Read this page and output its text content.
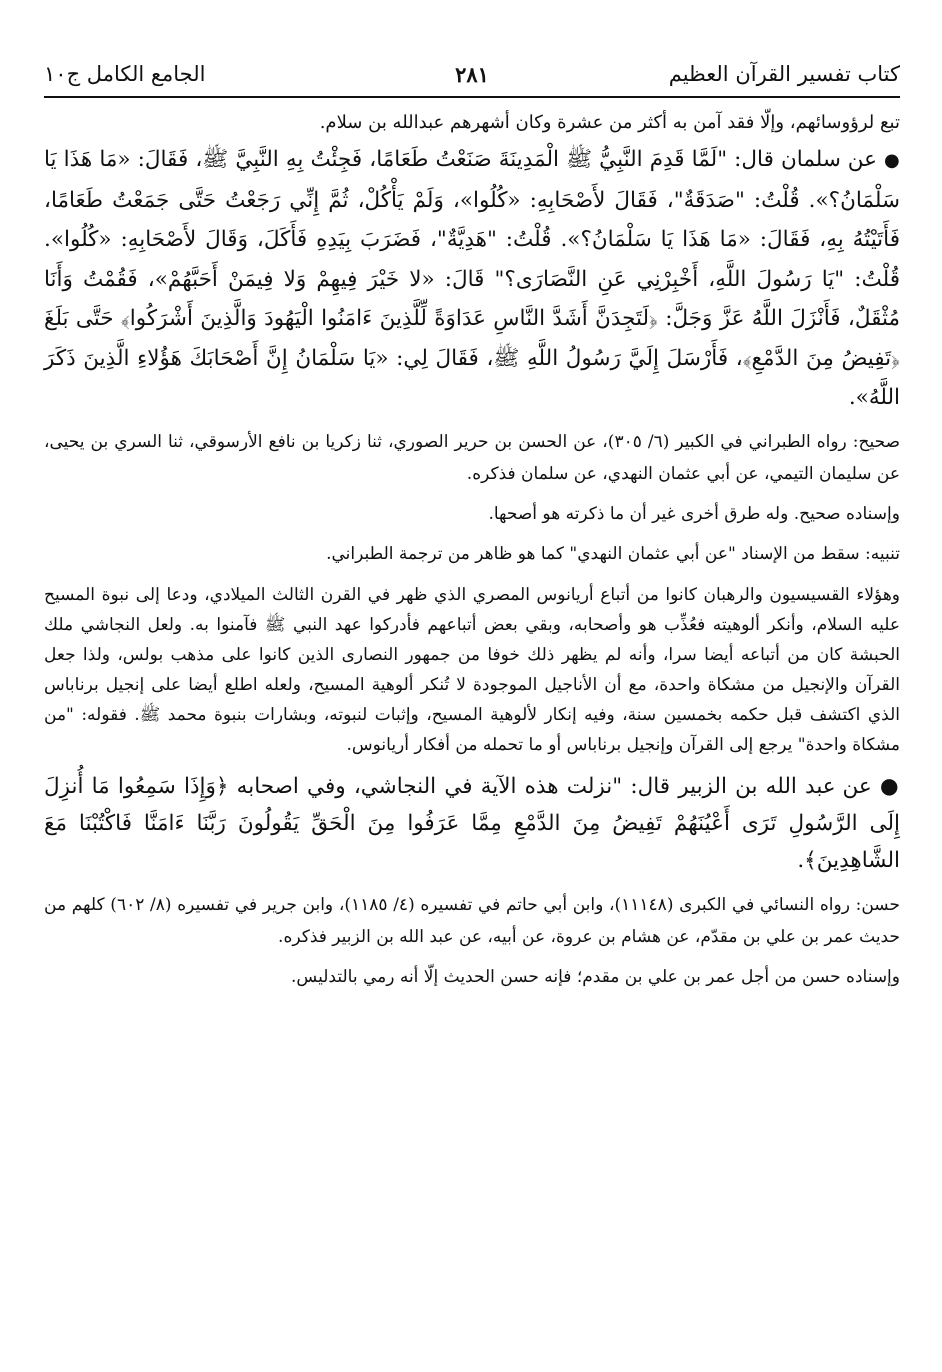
كتاب تفسير القرآن العظيم
٢٨١
الجامع الكامل ج١٠

تبع لرؤوسائهم، وإلّا فقد آمن به أكثر من عشرة وكان أشهرهم عبدالله بن سلام.

● عن سلمان قال: "لَمَّا قَدِمَ النَّبِيُّ ﷺ الْمَدِينَةَ صَنَعْتُ طَعَامًا، فَجِئْتُ بِهِ النَّبِيَّ ﷺ، فَقَالَ: «مَا هَذَا يَا سَلْمَانُ؟». قُلْتُ: "صَدَقَةٌ"، فَقَالَ لأَصْحَابِهِ: «كُلُوا»، وَلَمْ يَأْكُلْ، ثُمَّ إِنِّي رَجَعْتُ حَتَّى جَمَعْتُ طَعَامًا، فَأَتَيْتُهُ بِهِ، فَقَالَ: «مَا هَذَا يَا سَلْمَانُ؟». قُلْتُ: "هَدِيَّةٌ"، فَضَرَبَ بِيَدِهِ فَأَكَلَ، وَقَالَ لأَصْحَابِهِ: «كُلُوا». قُلْتُ: "يَا رَسُولَ اللَّهِ، أَخْبِرْنِي عَنِ النَّصَارَى؟" قَالَ: «لا خَيْرَ فِيهِمْ وَلا فِيمَنْ أَحَبَّهُمْ»، فَقُمْتُ وَأَنَا مُثْقَلٌ، فَأَنْزَلَ اللَّهُ عَزَّ وَجَلَّ: ﴿لَتَجِدَنَّ أَشَدَّ النَّاسِ عَدَاوَةً لِّلَّذِينَ ءَامَنُوا الْيَهُودَ وَالَّذِينَ أَشْرَكُوا﴾ حَتَّى بَلَغَ ﴿تَفِيضُ مِنَ الدَّمْعِ﴾، فَأَرْسَلَ إِلَيَّ رَسُولُ اللَّهِ ﷺ، فَقَالَ لِي: «يَا سَلْمَانُ إِنَّ أَصْحَابَكَ هَؤُلاءِ الَّذِينَ ذَكَرَ اللَّهُ».

صحيح: رواه الطبراني في الكبير (٦/ ٣٠٥)، عن الحسن بن حرير الصوري، ثنا زكريا بن نافع الأرسوقي، ثنا السري بن يحيى، عن سليمان التيمي، عن أبي عثمان النهدي، عن سلمان فذكره.

وإسناده صحيح. وله طرق أخرى غير أن ما ذكرته هو أصحها.

تنبيه: سقط من الإسناد "عن أبي عثمان النهدي" كما هو ظاهر من ترجمة الطبراني.

وهؤلاء القسيسيون والرهبان كانوا من أتباع أريانوس المصري الذي ظهر في القرن الثالث الميلادي، ودعا إلى نبوة المسيح عليه السلام، وأنكر ألوهيته فعُذِّب هو وأصحابه، وبقي بعض أتباعهم فأدركوا عهد النبي ﷺ فآمنوا به. ولعل النجاشي ملك الحبشة كان من أتباعه أيضا سرا، وأنه لم يظهر ذلك خوفا من جمهور النصارى الذين كانوا على مذهب بولس، ولذا جعل القرآن والإنجيل من مشكاة واحدة، مع أن الأناجيل الموجودة لا تُنكر ألوهية المسيح، ولعله اطلع أيضا على إنجيل برناباس الذي اكتشف قبل حكمه بخمسين سنة، وفيه إنكار لألوهية المسيح، وإثبات لنبوته، وبشارات بنبوة محمد ﷺ. فقوله: "من مشكاة واحدة" يرجع إلى القرآن وإنجيل برناباس أو ما تحمله من أفكار أريانوس.

● عن عبد الله بن الزبير قال: "نزلت هذه الآية في النجاشي، وفي اصحابه ﴿وَإِذَا سَمِعُوا مَا أُنزِلَ إِلَى الرَّسُولِ تَرَى أَعْيُنَهُمْ تَفِيضُ مِنَ الدَّمْعِ مِمَّا عَرَفُوا مِنَ الْحَقِّ يَقُولُونَ رَبَّنَا ءَامَنَّا فَاكْتُبْنَا مَعَ الشَّاهِدِينَ﴾.

حسن: رواه النسائي في الكبرى (١١١٤٨)، وابن أبي حاتم في تفسيره (٤/ ١١٨٥)، وابن جرير في تفسيره (٨/ ٦٠٢) كلهم من حديث عمر بن علي بن مقدّم، عن هشام بن عروة، عن أبيه، عن عبد الله بن الزبير فذكره.

وإسناده حسن من أجل عمر بن علي بن مقدم؛ فإنه حسن الحديث إلّا أنه رمي بالتدليس.
